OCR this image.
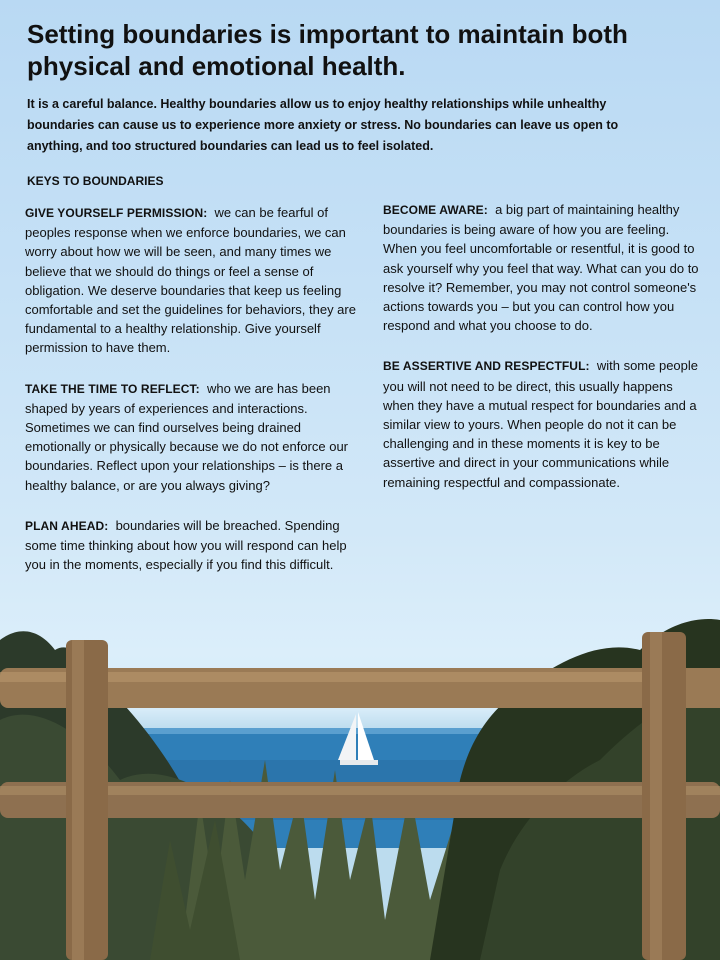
Setting boundaries is important to maintain both physical and emotional health.

It is a careful balance. Healthy boundaries allow us to enjoy healthy relationships while unhealthy boundaries can cause us to experience more anxiety or stress. No boundaries can leave us open to anything, and too structured boundaries can lead us to feel isolated.

KEYS TO BOUNDARIES

GIVE YOURSELF PERMISSION: we can be fearful of peoples response when we enforce boundaries, we can worry about how we will be seen, and many times we believe that we should do things or feel a sense of obligation. We deserve boundaries that keep us feeling comfortable and set the guidelines for behaviors, they are fundamental to a healthy relationship. Give yourself permission to have them.

TAKE THE TIME TO REFLECT: who we are has been shaped by years of experiences and interactions. Sometimes we can find ourselves being drained emotionally or physically because we do not enforce our boundaries. Reflect upon your relationships – is there a healthy balance, or are you always giving?

PLAN AHEAD: boundaries will be breached. Spending some time thinking about how you will respond can help you in the moments, especially if you find this difficult.

BECOME AWARE: a big part of maintaining healthy boundaries is being aware of how you are feeling. When you feel uncomfortable or resentful, it is good to ask yourself why you feel that way. What can you do to resolve it? Remember, you may not control someone's actions towards you – but you can control how you respond and what you choose to do.

BE ASSERTIVE AND RESPECTFUL: with some people you will not need to be direct, this usually happens when they have a mutual respect for boundaries and a similar view to yours. When people do not it can be challenging and in these moments it is key to be assertive and direct in your communications while remaining respectful and compassionate.
